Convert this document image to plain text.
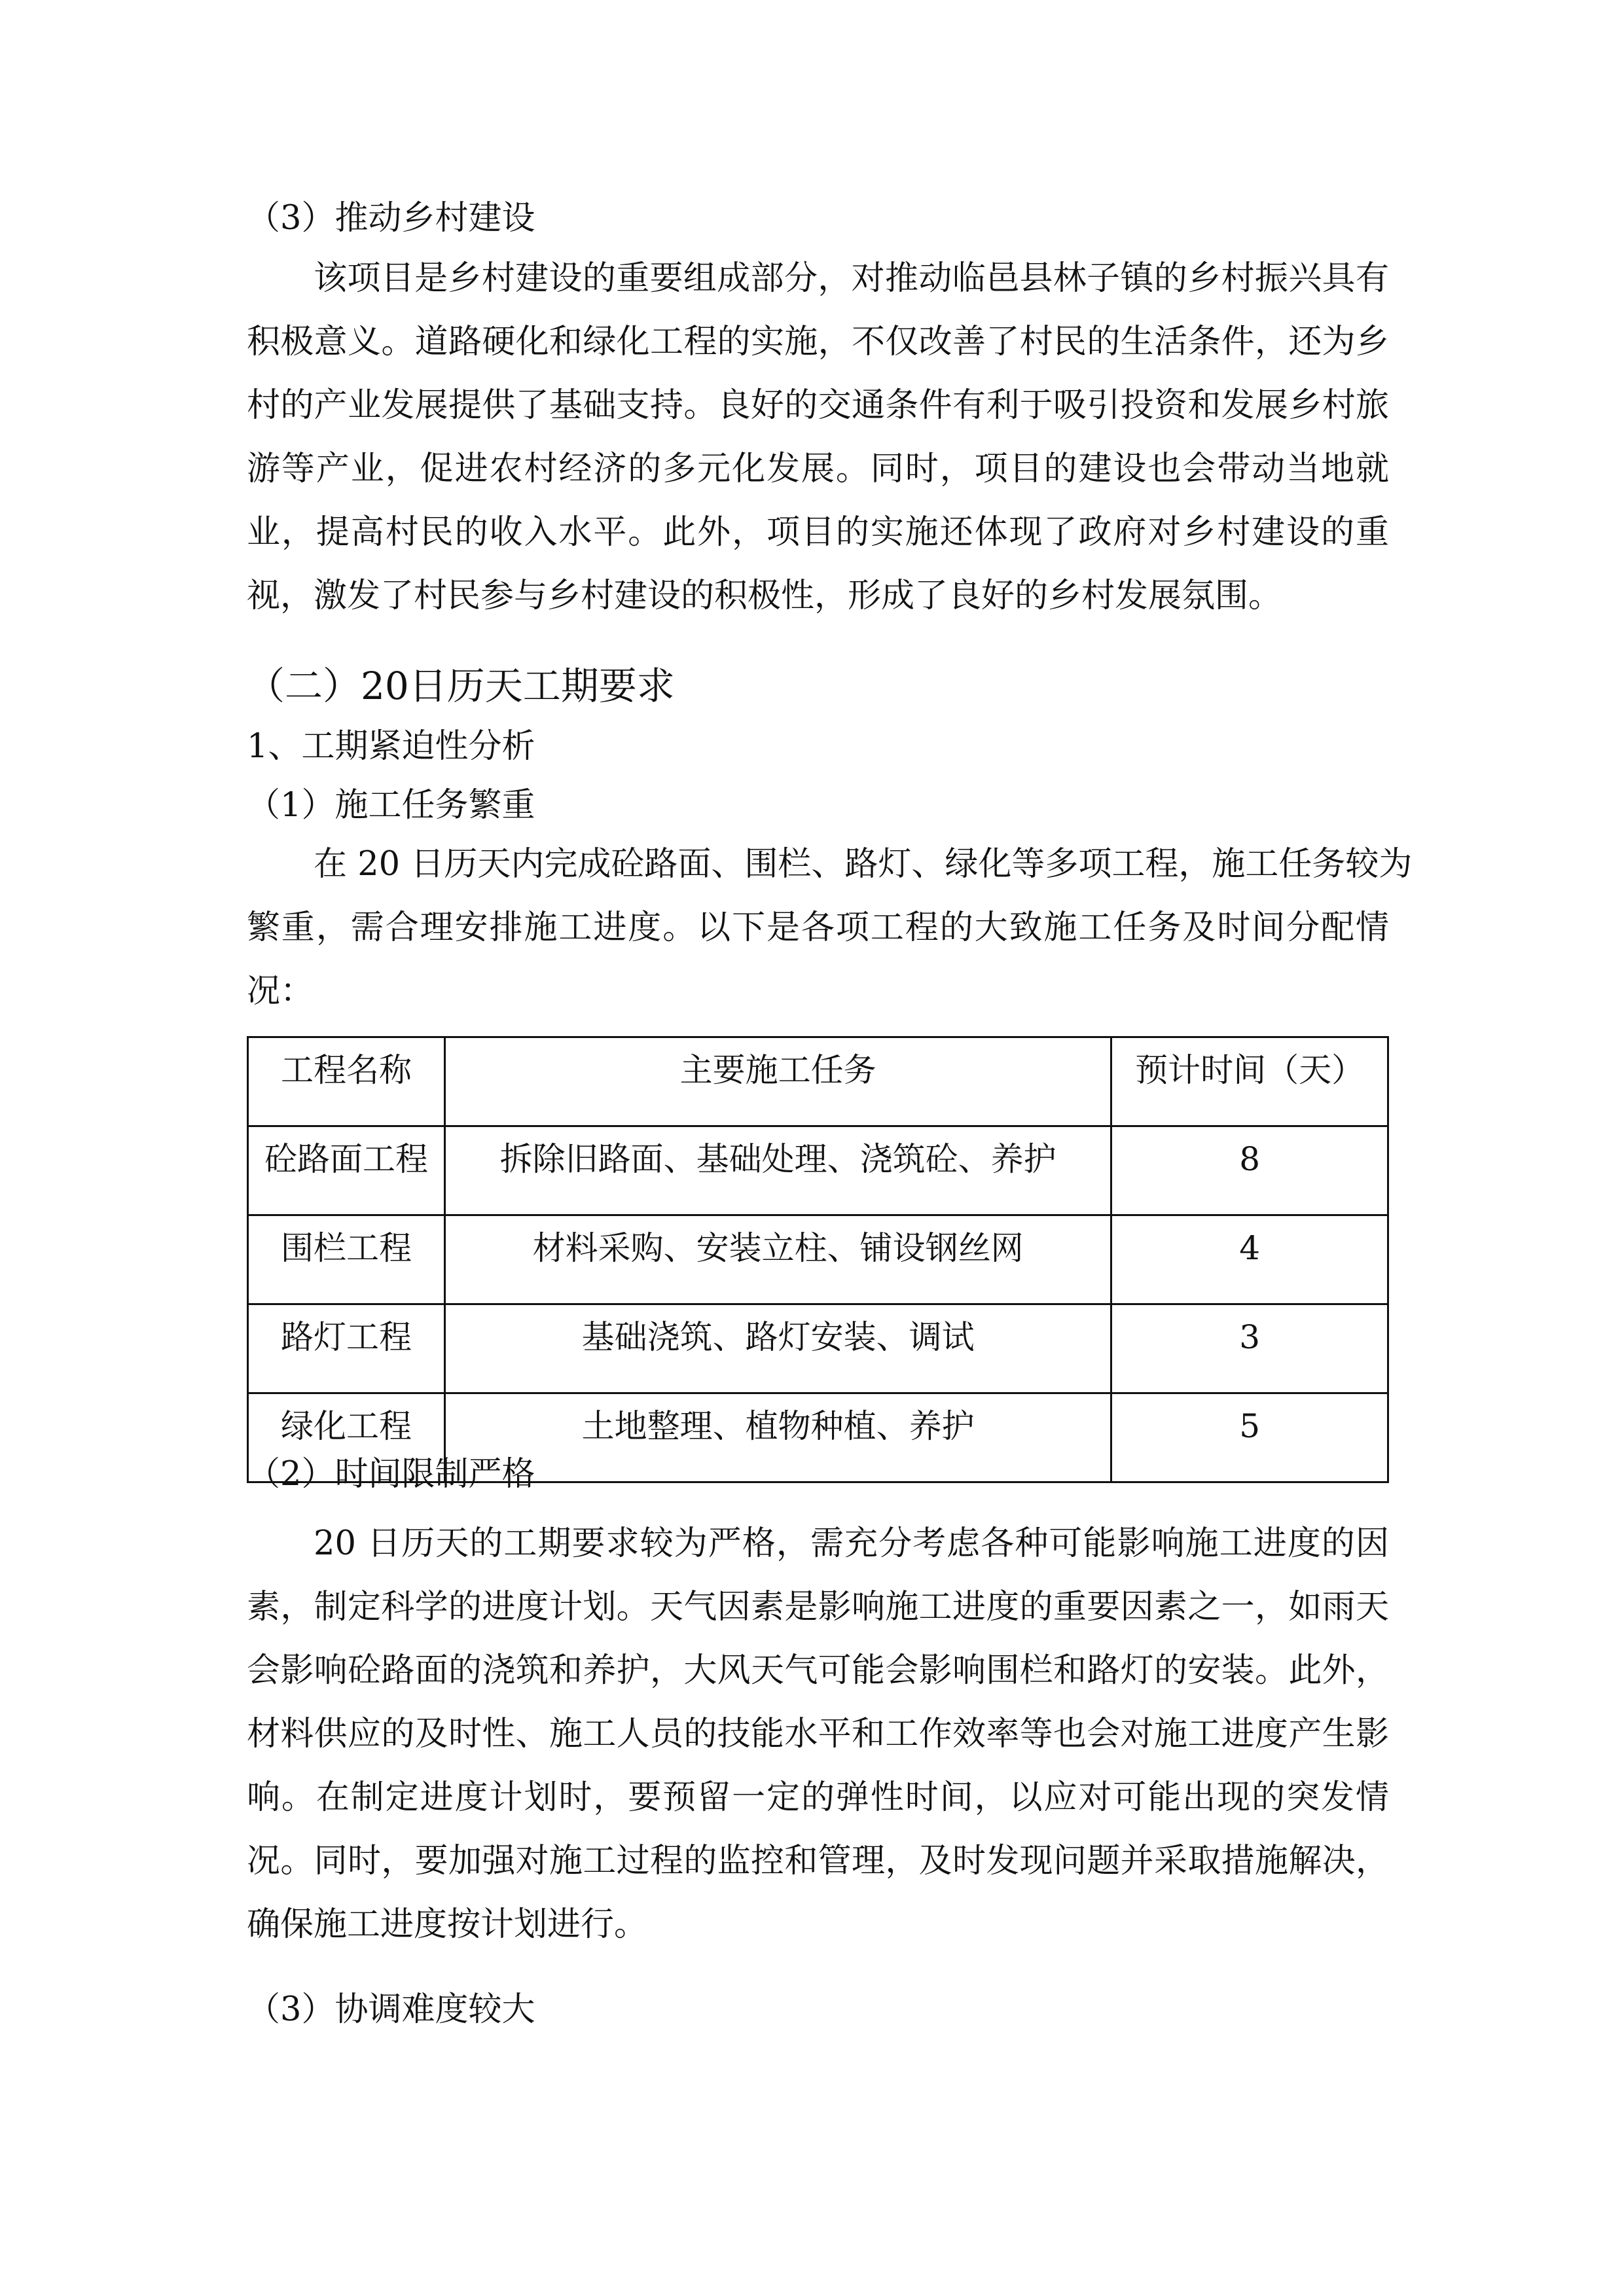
（3）推动乡村建设
该项目是乡村建设的重要组成部分，对推动临邑县林子镇的乡村振兴具有
积极意义。道路硬化和绿化工程的实施，不仅改善了村民的生活条件，还为乡
村的产业发展提供了基础支持。良好的交通条件有利于吸引投资和发展乡村旅
游等产业，促进农村经济的多元化发展。同时，项目的建设也会带动当地就
业，提高村民的收入水平。此外，项目的实施还体现了政府对乡村建设的重
视，激发了村民参与乡村建设的积极性，形成了良好的乡村发展氛围。
（二）20日历天工期要求
1、工期紧迫性分析
（1）施工任务繁重
在 20 日历天内完成砼路面、围栏、路灯、绿化等多项工程，施工任务较为
繁重，需合理安排施工进度。以下是各项工程的大致施工任务及时间分配情
况：
工程名称	主要施工任务	预计时间（天）
砼路面工程	拆除旧路面、基础处理、浇筑砼、养护	8
围栏工程	材料采购、安装立柱、铺设钢丝网	4
路灯工程	基础浇筑、路灯安装、调试	3
绿化工程	土地整理、植物种植、养护	5
（2）时间限制严格
20 日历天的工期要求较为严格，需充分考虑各种可能影响施工进度的因
素，制定科学的进度计划。天气因素是影响施工进度的重要因素之一，如雨天
会影响砼路面的浇筑和养护，大风天气可能会影响围栏和路灯的安装。此外，
材料供应的及时性、施工人员的技能水平和工作效率等也会对施工进度产生影
响。在制定进度计划时，要预留一定的弹性时间，以应对可能出现的突发情
况。同时，要加强对施工过程的监控和管理，及时发现问题并采取措施解决，
确保施工进度按计划进行。
（3）协调难度较大
